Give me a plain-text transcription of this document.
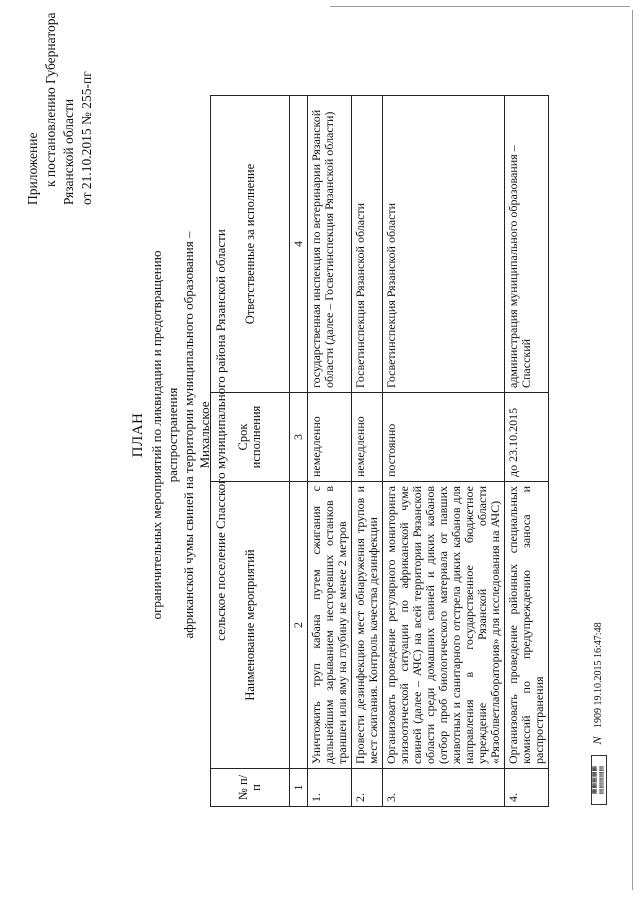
Приложение к постановлению Губернатора Рязанской области от 21.10.2015 № 255-пг
ПЛАН ограничительных мероприятий по ликвидации и предотвращению распространения африканской чумы свиней на территории муниципального образования – Михальское сельское поселение Спасского муниципального района Рязанской области
№ п/п	Наименование мероприятий	Срок исполнения	Ответственные за исполнение
1	2	3	4
1.	Уничтожить труп кабана путем сжигания с дальнейшим зарыванием несгоревших останков в траншеи или яму на глубину не менее 2 метров	немедленно	государственная инспекция по ветеринарии Рязанской области (далее – Госветинспекция Рязанской области)
2.	Провести дезинфекцию мест обнаружения трупов и мест сжигания. Контроль качества дезинфекции	немедленно	Госветинспекция Рязанской области
3.	Организовать проведение регулярного мониторинга эпизоотической ситуации по африканской чуме свиней (далее – АЧС) на всей территории Рязанской области среди домашних свиней и диких кабанов (отбор проб биологического материала от павших животных и санитарного отстрела диких кабанов для направления в государственное бюджетное учреждение Рязанской области «Рязоблветлаборатория» для исследования на АЧС)	постоянно	Госветинспекция Рязанской области
4.	Организовать проведение районных специальных комиссий по предупреждению заноса и распространения	до 23.10.2015	администрация муниципального образования – Спасский
▦▦▦▦▦
▤▤▤▤▤ N 1909 19.10.2015 16:47:48
